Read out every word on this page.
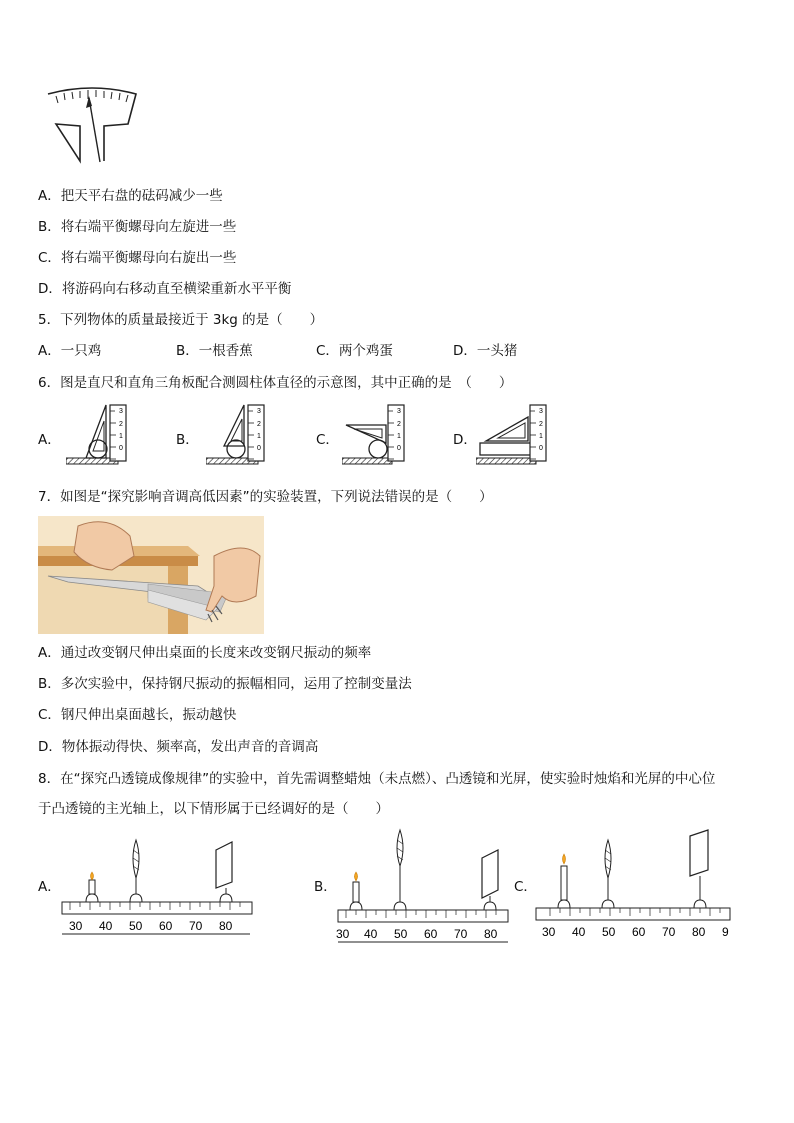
A．把天平右盘的砝码减少一些
B．将右端平衡螺母向左旋进一些
C．将右端平衡螺母向右旋出一些
D．将游码向右移动直至横梁重新水平平衡
5．下列物体的质量最接近于 3kg 的是（　　）
A．一只鸡	B．一根香蕉	C．两个鸡蛋	D．一头猪
6．图是直尺和直角三角板配合测圆柱体直径的示意图，其中正确的是　（　　）
A．	B．	C．	D．
3
2
1
0
3
2
1
0
3
2
1
0
3
2
1
0
7．如图是“探究影响音调高低因素”的实验装置，下列说法错误的是（　　）
A．通过改变钢尺伸出桌面的长度来改变钢尺振动的频率
B．多次实验中，保持钢尺振动的振幅相同，运用了控制变量法
C．钢尺伸出桌面越长，振动越快
D．物体振动得快、频率高，发出声音的音调高
8．在“探究凸透镜成像规律”的实验中，首先需调整蜡烛（未点燃）、凸透镜和光屏，使实验时烛焰和光屏的中心位
于凸透镜的主光轴上，以下情形属于已经调好的是（　　）
A．	B．	C．
30 40 50 60 70 80
30 40 50 60 70 80	30 40 50 60 70 80 9
